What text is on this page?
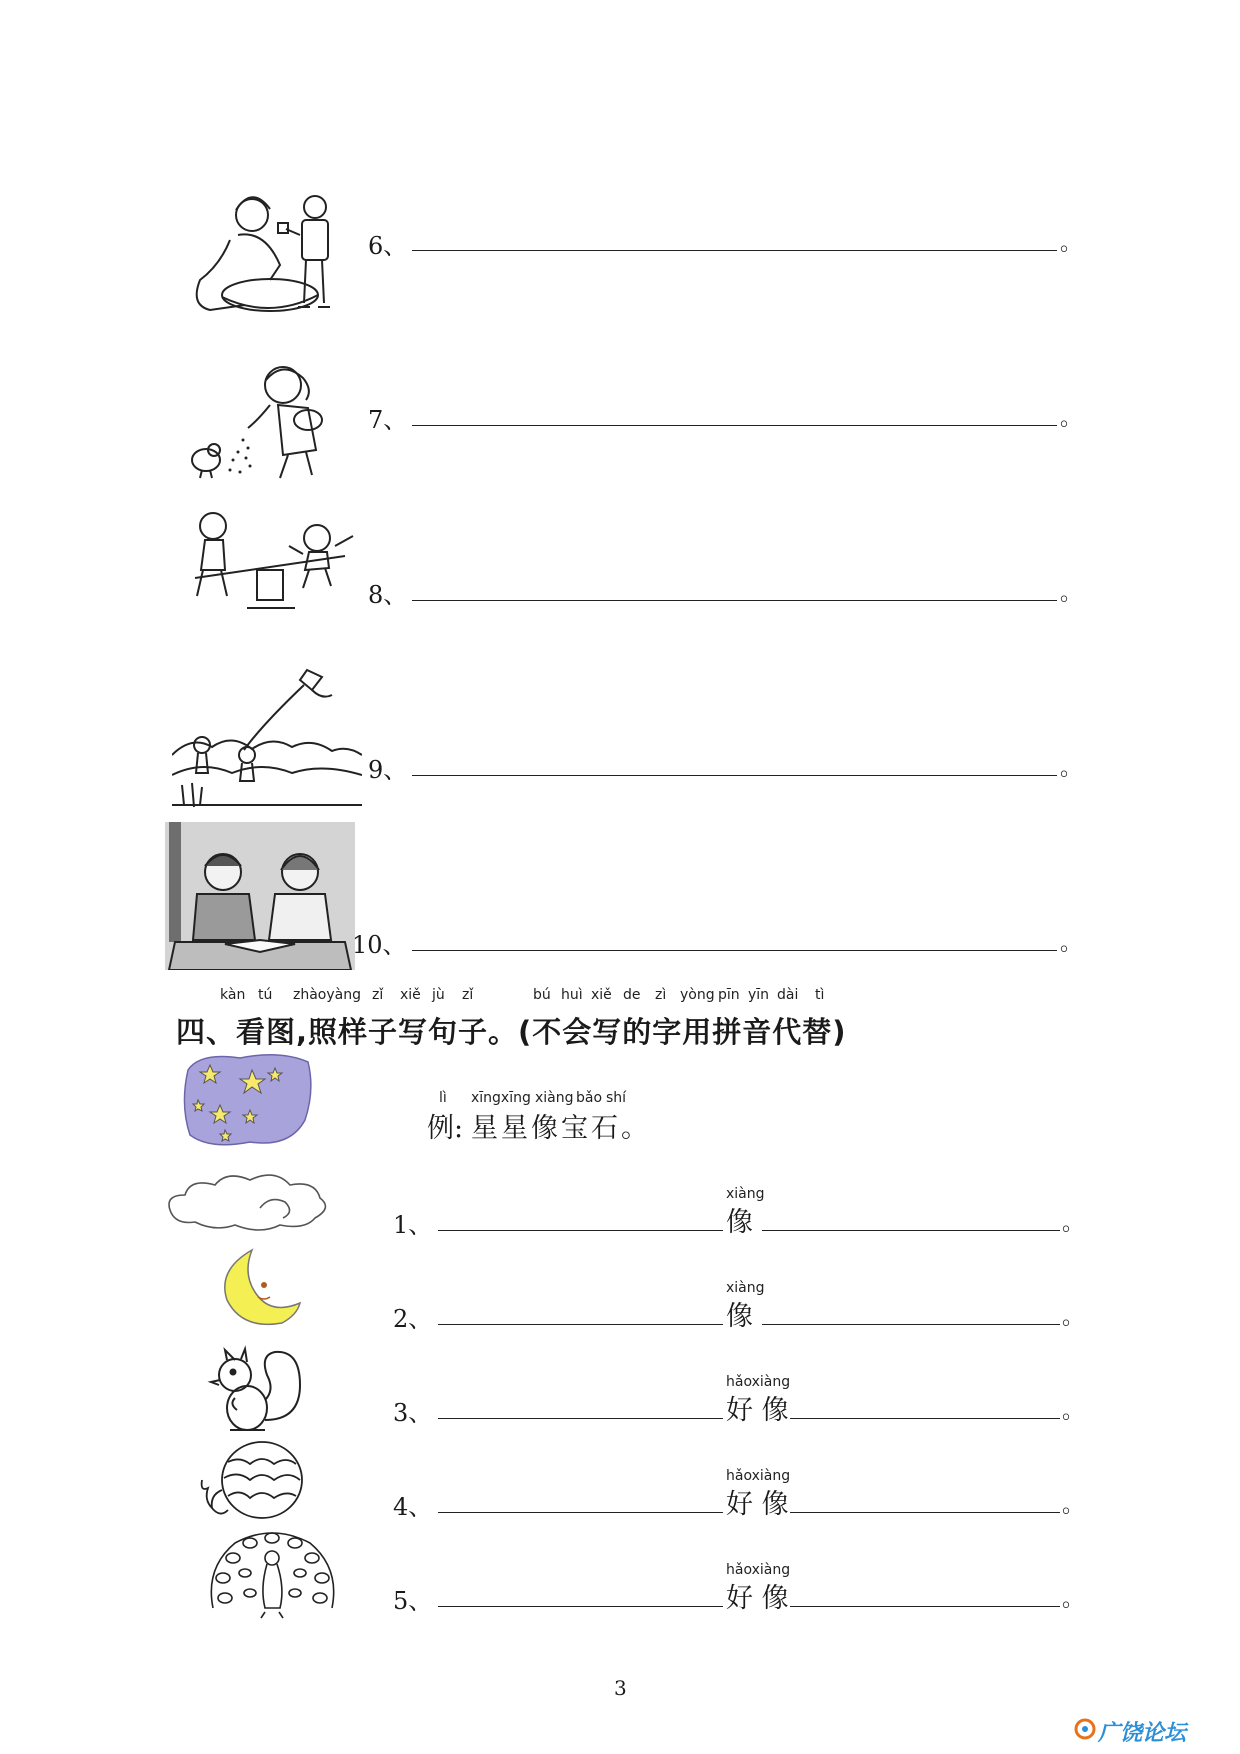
6、	。
7、	。
8、	。
9、	。
10、	。
kàn tú zhàoyàng zǐ xiě jù zǐ	bú huì xiě de zì yòng pīn yīn dài tì
四、看图,照样子写句子。(不会写的字用拼音代替)
lì xīngxīng xiàng bǎo shí
例: 星星像宝石。
xiàng
1、	像	。
xiàng
2、	像	。
hǎoxiàng
3、	好 像	。
hǎoxiàng
4、	好 像	。
hǎoxiàng
5、	好 像	。
3
广饶论坛
